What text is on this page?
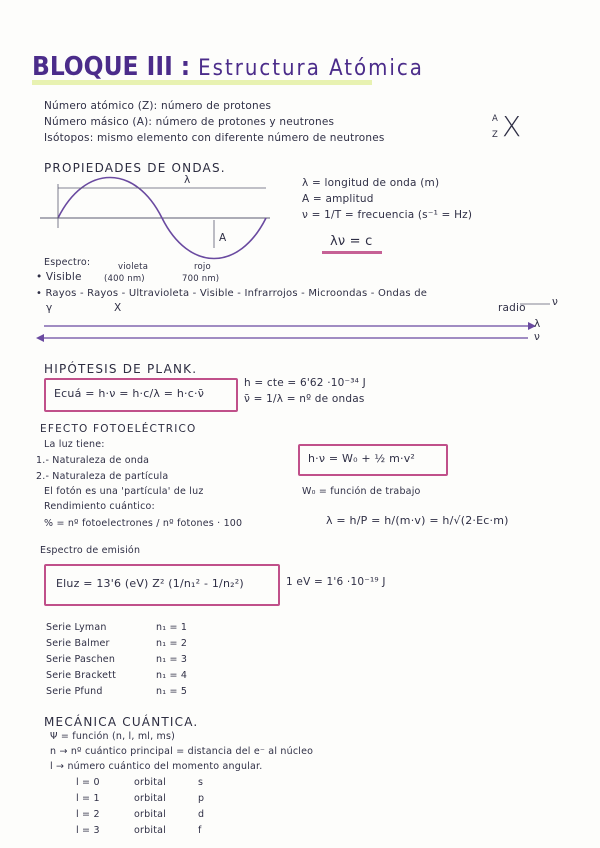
BLOQUE III : Estructura Atómica
Número atómico (Z): número de protones
Número másico (A): número de protones y neutrones
Isótopos: mismo elemento con diferente número de neutrones
A
Z X
PROPIEDADES DE ONDAS.
λ
A
λ = longitud de onda (m)
A = amplitud
ν = 1/T = frecuencia (s⁻¹ = Hz)
λν = c
Espectro:
• Visible
violeta
(400 nm)
rojo
700 nm)
• Rayos - Rayos - Ultravioleta - Visible - Infrarrojos - Microondas - Ondas de
γ	X	radio ν
λ
ν
HIPÓTESIS DE PLANK.
Ecuá = h·ν = h·c/λ = h·c·ν̄
h = cte = 6'62 ·10⁻³⁴ J
ν̄ = 1/λ = nº de ondas
EFECTO FOTOELÉCTRICO
La luz tiene:
1.- Naturaleza de onda
2.- Naturaleza de partícula
El fotón es una 'partícula' de luz
Rendimiento cuántico:
% = nº fotoelectrones / nº fotones · 100
h·ν = W₀ + ½ m·v²
W₀ = función de trabajo
λ = h/P = h/(m·v) = h/√(2·Ec·m)
Espectro de emisión
Eluz = 13'6 (eV) Z² (1/n₁² - 1/n₂²)	1 eV = 1'6 ·10⁻¹⁹ J
Serie Lyman	n₁ = 1
Serie Balmer	n₁ = 2
Serie Paschen	n₁ = 3
Serie Brackett	n₁ = 4
Serie Pfund	n₁ = 5
MECÁNICA CUÁNTICA.
Ψ = función (n, l, ml, ms)
n → nº cuántico principal = distancia del e⁻ al núcleo
l → número cuántico del momento angular.
l = 0	orbital	s
l = 1	orbital	p
l = 2	orbital	d
l = 3	orbital	f
